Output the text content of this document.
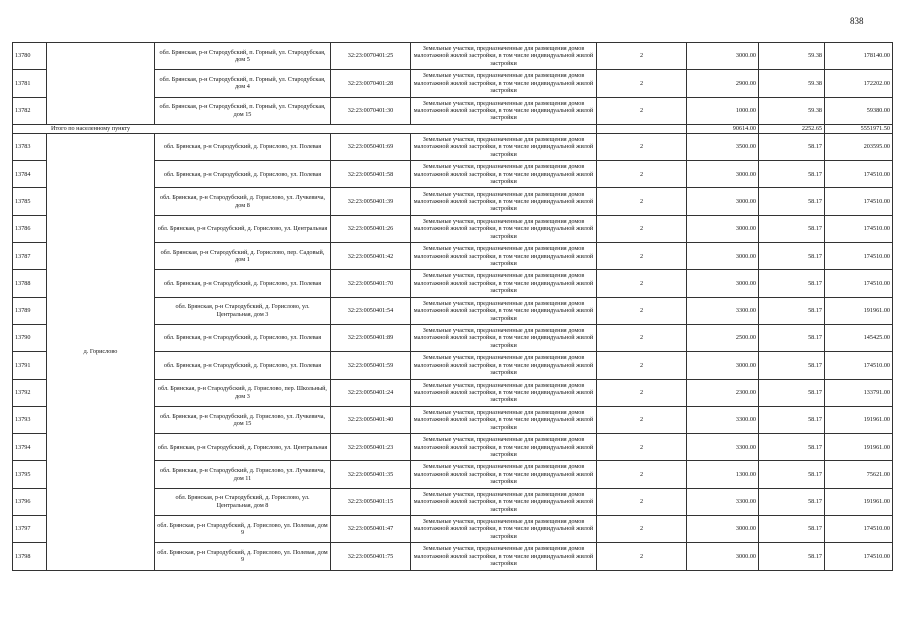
838
13780		обл. Брянская, р-н Стародубский, п. Горный, ул. Стародубская, дом 5	32:23:0070401:25	Земельные участки, предназначенные для размещения домов малоэтажной жилой застройки, в том числе индивидуальной жилой застройки	2	3000.00	59.38	178140.00
13781		обл. Брянская, р-н Стародубский, п. Горный, ул. Стародубская, дом 4	32:23:0070401:28	Земельные участки, предназначенные для размещения домов малоэтажной жилой застройки, в том числе индивидуальной жилой застройки	2	2900.00	59.38	172202.00
13782		обл. Брянская, р-н Стародубский, п. Горный, ул. Стародубская, дом 15	32:23:0070401:30	Земельные участки, предназначенные для размещения домов малоэтажной жилой застройки, в том числе индивидуальной жилой застройки	2	1000.00	59.38	59380.00
Итого по населенному пункту						90614.00	2252.65	5551971.50
13783	д. Горислово	обл. Брянская, р-н Стародубский, д. Горислово, ул. Полевая	32:23:0050401:69	Земельные участки, предназначенные для размещения домов малоэтажной жилой застройки, в том числе индивидуальной жилой застройки	2	3500.00	58.17	203595.00
13784		обл. Брянская, р-н Стародубский, д. Горислово, ул. Полевая	32:23:0050401:58	Земельные участки, предназначенные для размещения домов малоэтажной жилой застройки, в том числе индивидуальной жилой застройки	2	3000.00	58.17	174510.00
13785		обл. Брянская, р-н Стародубский, д. Горислово, ул. Лучкевича, дом 8	32:23:0050401:39	Земельные участки, предназначенные для размещения домов малоэтажной жилой застройки, в том числе индивидуальной жилой застройки	2	3000.00	58.17	174510.00
13786		обл. Брянская, р-н Стародубский, д. Горислово, ул. Центральная	32:23:0050401:26	Земельные участки, предназначенные для размещения домов малоэтажной жилой застройки, в том числе индивидуальной жилой застройки	2	3000.00	58.17	174510.00
13787		обл. Брянская, р-н Стародубский, д. Горислово, пер. Садовый, дом 1	32:23:0050401:42	Земельные участки, предназначенные для размещения домов малоэтажной жилой застройки, в том числе индивидуальной жилой застройки	2	3000.00	58.17	174510.00
13788		обл. Брянская, р-н Стародубский, д. Горислово, ул. Полевая	32:23:0050401:70	Земельные участки, предназначенные для размещения домов малоэтажной жилой застройки, в том числе индивидуальной жилой застройки	2	3000.00	58.17	174510.00
13789		обл. Брянская, р-н Стародубский, д. Горислово, ул. Центральная, дом 3	32:23:0050401:54	Земельные участки, предназначенные для размещения домов малоэтажной жилой застройки, в том числе индивидуальной жилой застройки	2	3300.00	58.17	191961.00
13790		обл. Брянская, р-н Стародубский, д. Горислово, ул. Полевая	32:23:0050401:89	Земельные участки, предназначенные для размещения домов малоэтажной жилой застройки, в том числе индивидуальной жилой застройки	2	2500.00	58.17	145425.00
13791		обл. Брянская, р-н Стародубский, д. Горислово, ул. Полевая	32:23:0050401:59	Земельные участки, предназначенные для размещения домов малоэтажной жилой застройки, в том числе индивидуальной жилой застройки	2	3000.00	58.17	174510.00
13792		обл. Брянская, р-н Стародубский, д. Горислово, пер. Школьный, дом 3	32:23:0050401:24	Земельные участки, предназначенные для размещения домов малоэтажной жилой застройки, в том числе индивидуальной жилой застройки	2	2300.00	58.17	133791.00
13793		обл. Брянская, р-н Стародубский, д. Горислово, ул. Лучкевича, дом 15	32:23:0050401:40	Земельные участки, предназначенные для размещения домов малоэтажной жилой застройки, в том числе индивидуальной жилой застройки	2	3300.00	58.17	191961.00
13794		обл. Брянская, р-н Стародубский, д. Горислово, ул. Центральная	32:23:0050401:23	Земельные участки, предназначенные для размещения домов малоэтажной жилой застройки, в том числе индивидуальной жилой застройки	2	3300.00	58.17	191961.00
13795		обл. Брянская, р-н Стародубский, д. Горислово, ул. Лучкевича, дом 11	32:23:0050401:35	Земельные участки, предназначенные для размещения домов малоэтажной жилой застройки, в том числе индивидуальной жилой застройки	2	1300.00	58.17	75621.00
13796		обл. Брянская, р-н Стародубский, д. Горислово, ул. Центральная, дом 8	32:23:0050401:15	Земельные участки, предназначенные для размещения домов малоэтажной жилой застройки, в том числе индивидуальной жилой застройки	2	3300.00	58.17	191961.00
13797		обл. Брянская, р-н Стародубский, д. Горислово, ул. Полевая, дом 9	32:23:0050401:47	Земельные участки, предназначенные для размещения домов малоэтажной жилой застройки, в том числе индивидуальной жилой застройки	2	3000.00	58.17	174510.00
13798		обл. Брянская, р-н Стародубский, д. Горислово, ул. Полевая, дом 9	32:23:0050401:75	Земельные участки, предназначенные для размещения домов малоэтажной жилой застройки, в том числе индивидуальной жилой застройки	2	3000.00	58.17	174510.00
